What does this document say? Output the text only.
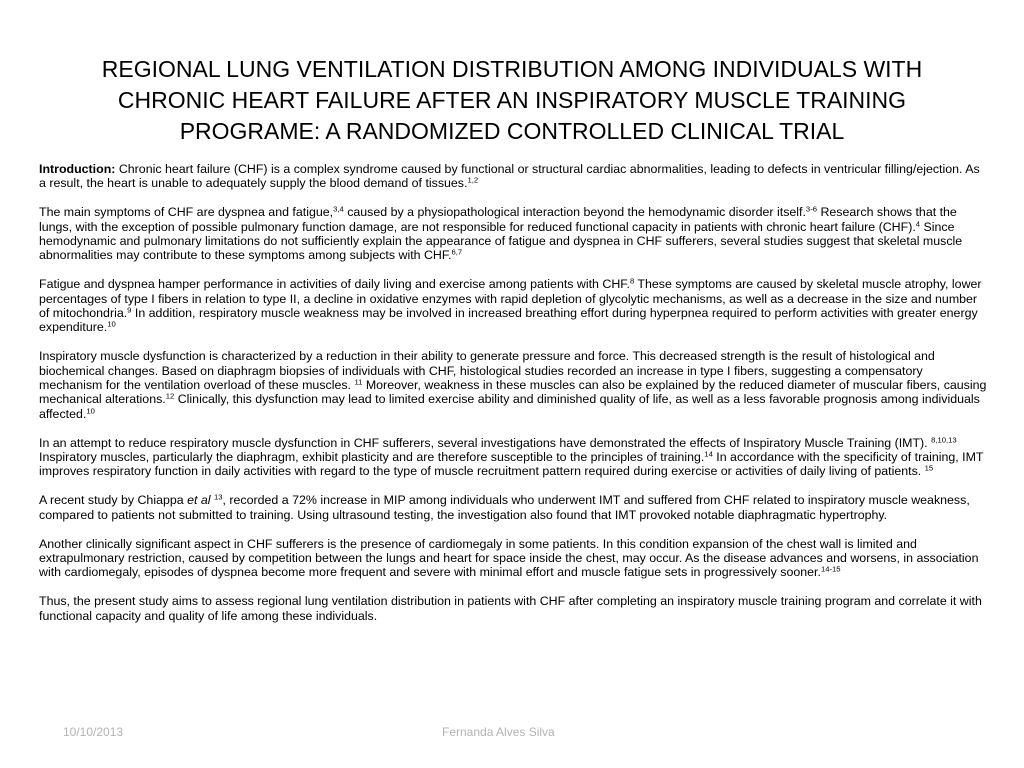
REGIONAL LUNG VENTILATION DISTRIBUTION AMONG INDIVIDUALS WITH CHRONIC HEART FAILURE AFTER AN INSPIRATORY MUSCLE TRAINING PROGRAME: A RANDOMIZED CONTROLLED CLINICAL TRIAL

Introduction: Chronic heart failure (CHF) is a complex syndrome caused by functional or structural cardiac abnormalities, leading to defects in ventricular filling/ejection. As a result, the heart is unable to adequately supply the blood demand of tissues.$^{1,2}$

The main symptoms of CHF are dyspnea and fatigue,$^{3,4}$ caused by a physiopathological interaction beyond the hemodynamic disorder itself.$^{3-6}$ Research shows that the lungs, with the exception of possible pulmonary function damage, are not responsible for reduced functional capacity in patients with chronic heart failure (CHF).$^4$ Since hemodynamic and pulmonary limitations do not sufficiently explain the appearance of fatigue and dyspnea in CHF sufferers, several studies suggest that skeletal muscle abnormalities may contribute to these symptoms among subjects with CHF.$^{6,7}$

Fatigue and dyspnea hamper performance in activities of daily living and exercise among patients with CHF.$^8$ These symptoms are caused by skeletal muscle atrophy, lower percentages of type I fibers in relation to type II, a decline in oxidative enzymes with rapid depletion of glycolytic mechanisms, as well as a decrease in the size and number of mitochondria.$^9$ In addition, respiratory muscle weakness may be involved in increased breathing effort during hyperpnea required to perform activities with greater energy expenditure.$^{10}$

Inspiratory muscle dysfunction is characterized by a reduction in their ability to generate pressure and force. This decreased strength is the result of histological and biochemical changes. Based on diaphragm biopsies of individuals with CHF, histological studies recorded an increase in type I fibers, suggesting a compensatory mechanism for the ventilation overload of these muscles. $^{11}$ Moreover, weakness in these muscles can also be explained by the reduced diameter of muscular fibers, causing mechanical alterations.$^{12}$ Clinically, this dysfunction may lead to limited exercise ability and diminished quality of life, as well as a less favorable prognosis among individuals affected.$^{10}$

In an attempt to reduce respiratory muscle dysfunction in CHF sufferers, several investigations have demonstrated the effects of Inspiratory Muscle Training (IMT). $^{8,10,13}$ Inspiratory muscles, particularly the diaphragm, exhibit plasticity and are therefore susceptible to the principles of training.$^{14}$ In accordance with the specificity of training, IMT improves respiratory function in daily activities with regard to the type of muscle recruitment pattern required during exercise or activities of daily living of patients. $^{15}$

A recent study by Chiappa et al $^{13}$, recorded a 72% increase in MIP among individuals who underwent IMT and suffered from CHF related to inspiratory muscle weakness, compared to patients not submitted to training. Using ultrasound testing, the investigation also found that IMT provoked notable diaphragmatic hypertrophy.

Another clinically significant aspect in CHF sufferers is the presence of cardiomegaly in some patients. In this condition expansion of the chest wall is limited and extrapulmonary restriction, caused by competition between the lungs and heart for space inside the chest, may occur. As the disease advances and worsens, in association with cardiomegaly, episodes of dyspnea become more frequent and severe with minimal effort and muscle fatigue sets in progressively sooner.$^{14-15}$

Thus, the present study aims to assess regional lung ventilation distribution in patients with CHF after completing an inspiratory muscle training program and correlate it with functional capacity and quality of life among these individuals.

10/10/2013	Fernanda Alves Silva
